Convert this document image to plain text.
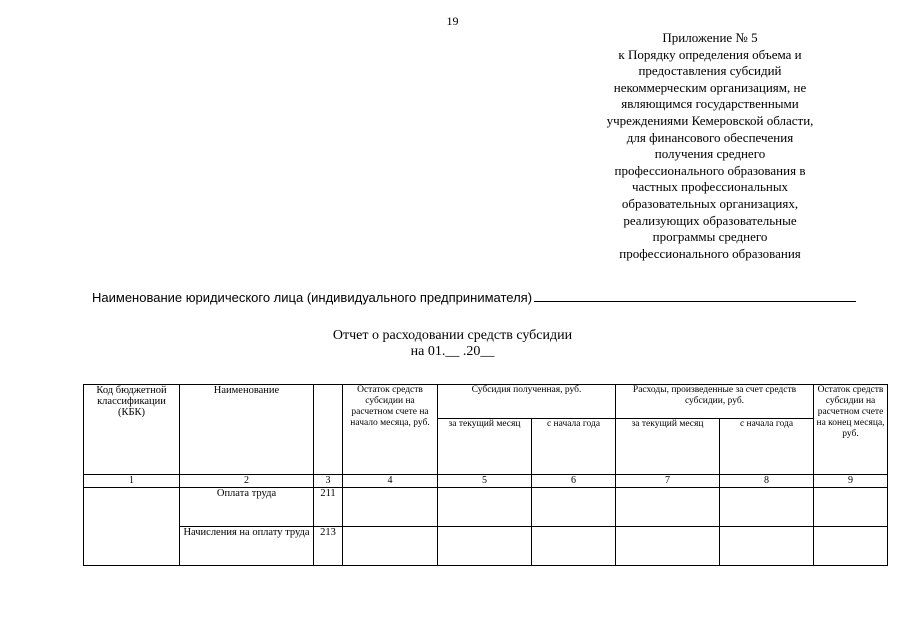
19
Приложение № 5
к Порядку определения объема и
предоставления субсидий
некоммерческим организациям, не
являющимся государственными
учреждениями Кемеровской области,
для финансового обеспечения
получения среднего
профессионального образования в
частных профессиональных
образовательных организациях,
реализующих образовательные
программы среднего
профессионального образования
Наименование юридического лица (индивидуального предпринимателя)
Отчет о расходовании средств субсидии
на 01.__ .20__
Код бюджетной классификации (КБК)	Наименование		Остаток средств субсидии на расчетном счете на начало месяца, руб.	Субсидия полученная, руб.		Расходы, произведенные за счет средств субсидии, руб.		Остаток средств субсидии на расчетном счете на конец месяца, руб.
				за текущий месяц	с начала года	за текущий месяц	с начала года	
1	2	3	4	5	6	7	8	9
	Оплата труда	211						
	Начисления на оплату труда	213						
